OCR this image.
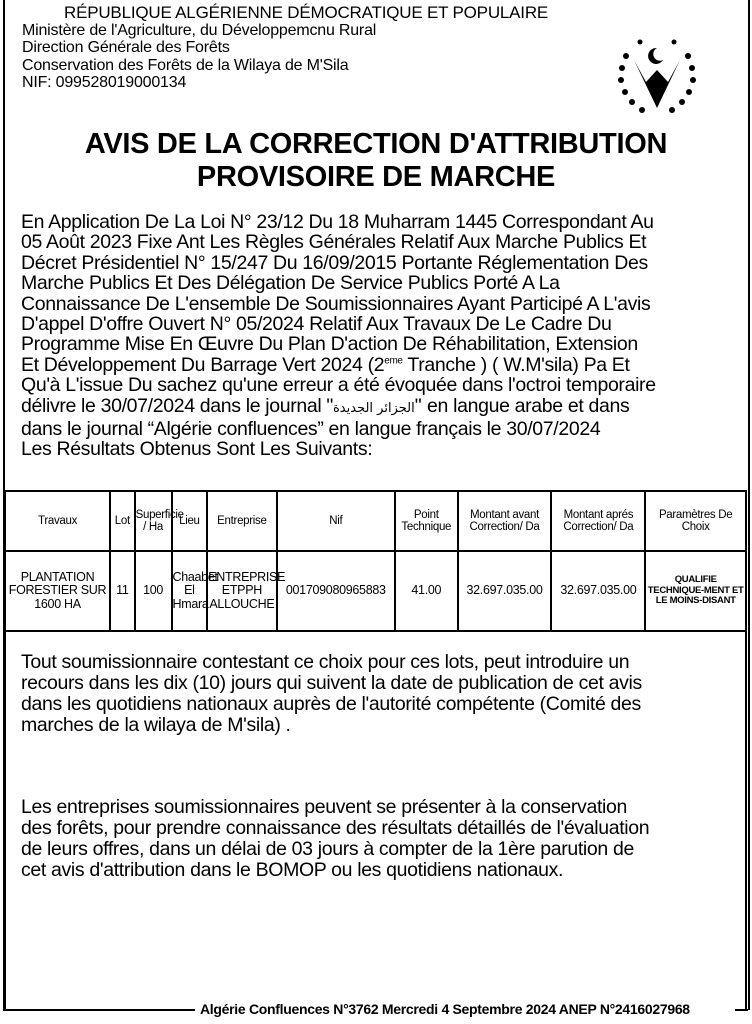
RÉPUBLIQUE ALGÉRIENNE DÉMOCRATIQUE ET POPULAIRE
Ministère de l'Agriculture, du Développemcnu Rural
Direction Générale des Forêts
Conservation des Forêts de la Wilaya de M'Sila
NIF: 099528019000134
AVIS DE LA CORRECTION D'ATTRIBUTION
PROVISOIRE DE MARCHE
En Application De La Loi N° 23/12 Du 18 Muharram 1445 Correspondant Au
05 Août 2023 Fixe Ant Les Règles Générales Relatif Aux Marche Publics Et
Décret Présidentiel N° 15/247 Du 16/09/2015 Portante Réglementation Des
Marche Publics Et Des Délégation De Service Publics Porté A La
Connaissance De L'ensemble De Soumissionnaires Ayant Participé A L'avis
D'appel D'offre Ouvert N° 05/2024 Relatif Aux Travaux De Le Cadre Du
Programme Mise En Œuvre Du Plan D'action De Réhabilitation, Extension
Et Développement Du Barrage Vert 2024 (2eme Tranche ) ( W.M'sila) Pa Et
Qu'à L'issue Du sachez qu'une erreur a été évoquée dans l'octroi temporaire
délivre le 30/07/2024 dans le journal "الجزائر الجديدة" en langue arabe et dans
dans le journal “Algérie confluences” en langue français le 30/07/2024
Les Résultats Obtenus Sont Les Suivants:
Travaux	Lot	Superficie / Ha	Lieu	Entreprise	Nif	Point Technique	Montant avant Correction/ Da	Montant aprés Correction/ Da	Paramètres De Choix
PLANTATION FORESTIER SUR 1600 HA	11	100	Chaabet El Hmara	ENTREPRISE ETPPH ALLOUCHE	001709080965883	41.00	32.697.035.00	32.697.035.00	QUALIFIE TECHNIQUE-MENT ET LE MOINS-DISANT
Tout soumissionnaire contestant ce choix pour ces lots, peut introduire un
recours dans les dix (10) jours qui suivent la date de publication de cet avis
dans les quotidiens nationaux auprès de l'autorité compétente (Comité des
marches de la wilaya de M'sila) .
Les entreprises soumissionnaires peuvent se présenter à la conservation
des forêts, pour prendre connaissance des résultats détaillés de l'évaluation
de leurs offres, dans un délai de 03 jours à compter de la 1ère parution de
cet avis d'attribution dans le BOMOP ou les quotidiens nationaux.
Algérie Confluences N°3762 Mercredi 4 Septembre 2024 ANEP N°2416027968
